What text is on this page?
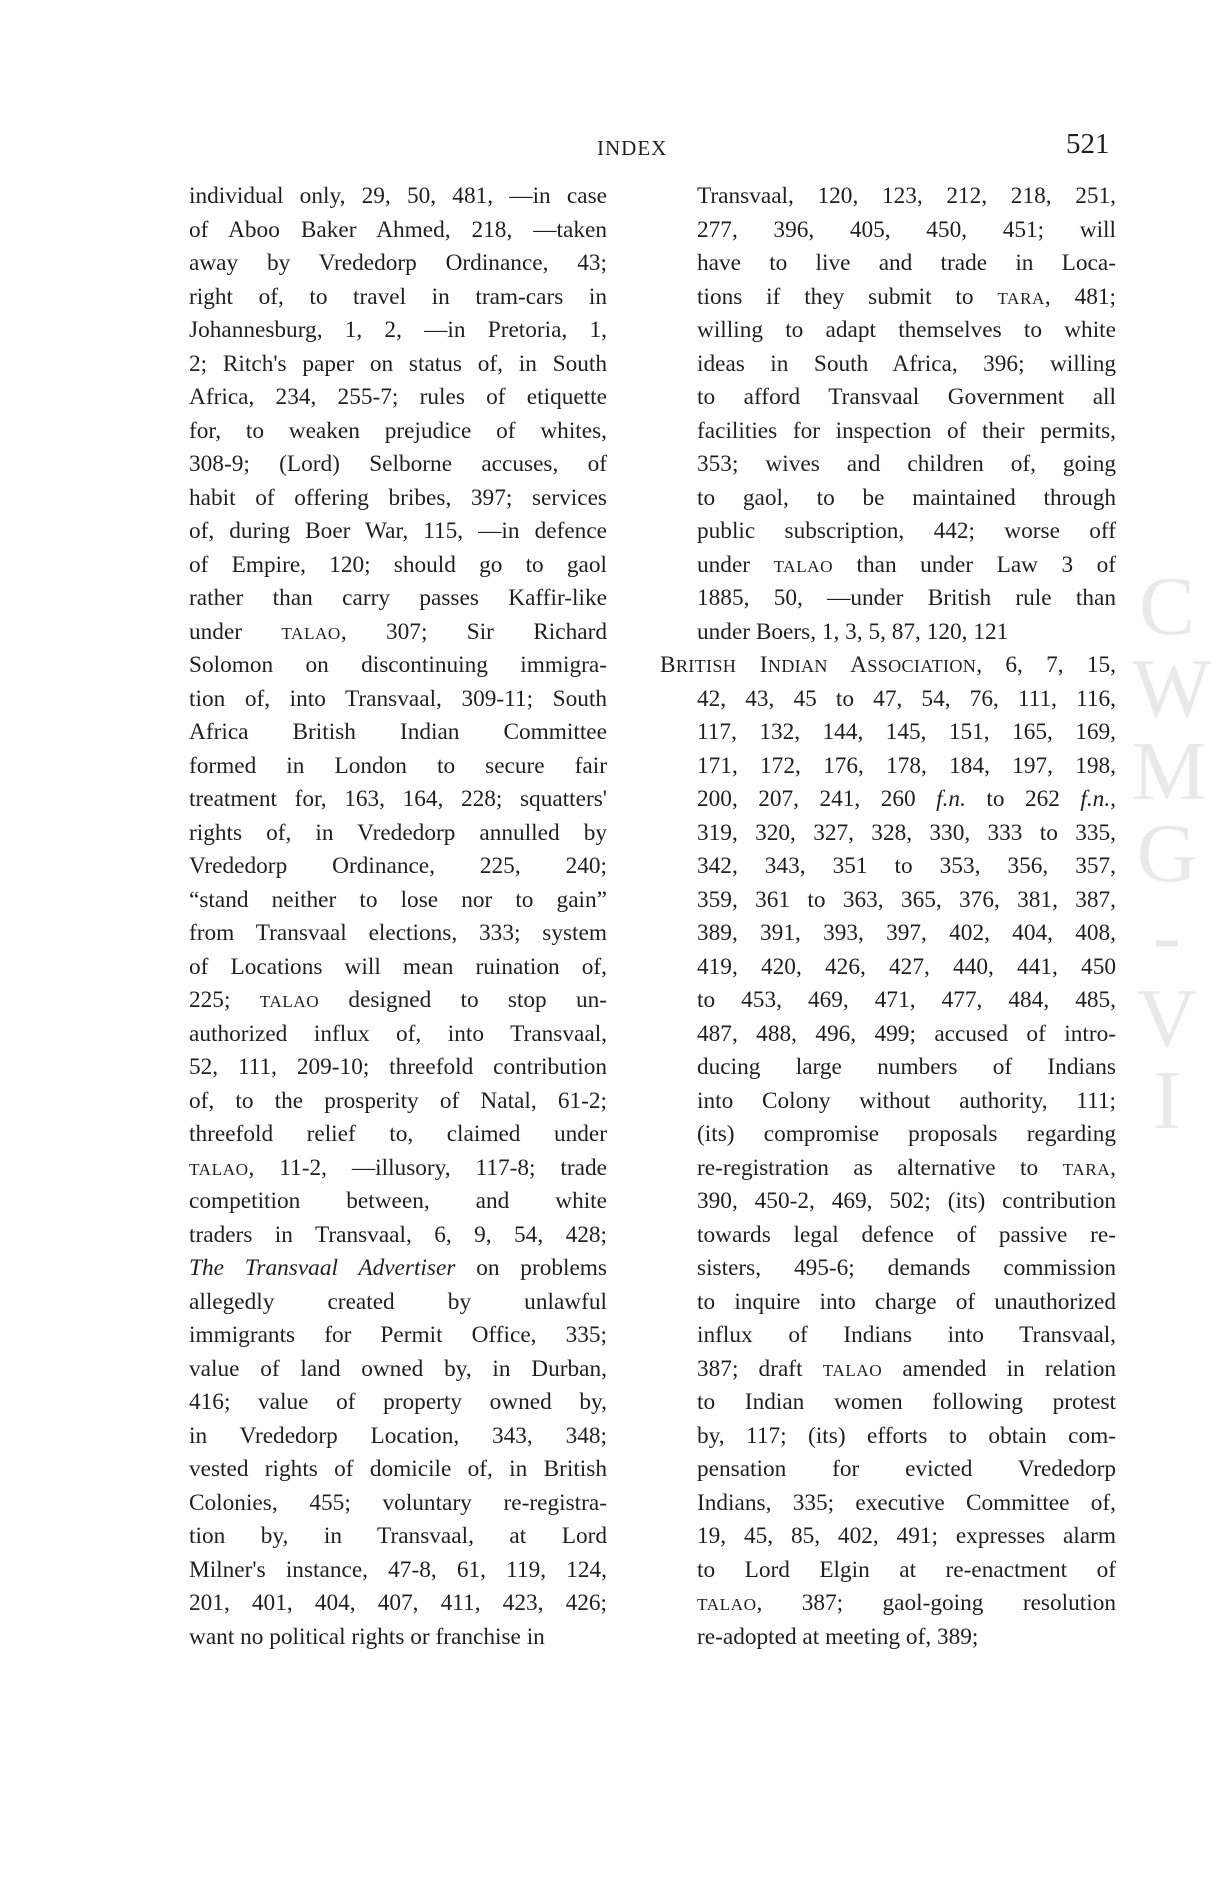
INDEX	521
C
W
M
G
-
V
I
individual only, 29, 50, 481, —in case
of Aboo Baker Ahmed, 218, —taken
away by Vrededorp Ordinance, 43;
right of, to travel in tram-cars in
Johannesburg, 1, 2, —in Pretoria, 1,
2; Ritch's paper on status of, in South
Africa, 234, 255-7; rules of etiquette
for, to weaken prejudice of whites,
308-9; (Lord) Selborne accuses, of
habit of offering bribes, 397; services
of, during Boer War, 115, —in defence
of Empire, 120; should go to gaol
rather than carry passes Kaffir-like
under TALAO, 307; Sir Richard
Solomon on discontinuing immigra-
tion of, into Transvaal, 309-11; South
Africa British Indian Committee
formed in London to secure fair
treatment for, 163, 164, 228; squatters'
rights of, in Vrededorp annulled by
Vrededorp Ordinance, 225, 240;
“stand neither to lose nor to gain”
from Transvaal elections, 333; system
of Locations will mean ruination of,
225; TALAO designed to stop un-
authorized influx of, into Transvaal,
52, 111, 209-10; threefold contribution
of, to the prosperity of Natal, 61-2;
threefold relief to, claimed under
TALAO, 11-2, —illusory, 117-8; trade
competition between, and white
traders in Transvaal, 6, 9, 54, 428;
The Transvaal Advertiser on problems
allegedly created by unlawful
immigrants for Permit Office, 335;
value of land owned by, in Durban,
416; value of property owned by,
in Vrededorp Location, 343, 348;
vested rights of domicile of, in British
Colonies, 455; voluntary re-registra-
tion by, in Transvaal, at Lord
Milner's instance, 47-8, 61, 119, 124,
201, 401, 404, 407, 411, 423, 426;
want no political rights or franchise in
Transvaal, 120, 123, 212, 218, 251,
277, 396, 405, 450, 451; will
have to live and trade in Loca-
tions if they submit to TARA, 481;
willing to adapt themselves to white
ideas in South Africa, 396; willing
to afford Transvaal Government all
facilities for inspection of their permits,
353; wives and children of, going
to gaol, to be maintained through
public subscription, 442; worse off
under TALAO than under Law 3 of
1885, 50, —under British rule than
under Boers, 1, 3, 5, 87, 120, 121
BRITISH INDIAN ASSOCIATION, 6, 7, 15,
42, 43, 45 to 47, 54, 76, 111, 116,
117, 132, 144, 145, 151, 165, 169,
171, 172, 176, 178, 184, 197, 198,
200, 207, 241, 260 f.n. to 262 f.n.,
319, 320, 327, 328, 330, 333 to 335,
342, 343, 351 to 353, 356, 357,
359, 361 to 363, 365, 376, 381, 387,
389, 391, 393, 397, 402, 404, 408,
419, 420, 426, 427, 440, 441, 450
to 453, 469, 471, 477, 484, 485,
487, 488, 496, 499; accused of intro-
ducing large numbers of Indians
into Colony without authority, 111;
(its) compromise proposals regarding
re-registration as alternative to TARA,
390, 450-2, 469, 502; (its) contribution
towards legal defence of passive re-
sisters, 495-6; demands commission
to inquire into charge of unauthorized
influx of Indians into Transvaal,
387; draft TALAO amended in relation
to Indian women following protest
by, 117; (its) efforts to obtain com-
pensation for evicted Vrededorp
Indians, 335; executive Committee of,
19, 45, 85, 402, 491; expresses alarm
to Lord Elgin at re-enactment of
TALAO, 387; gaol-going resolution
re-adopted at meeting of, 389;
